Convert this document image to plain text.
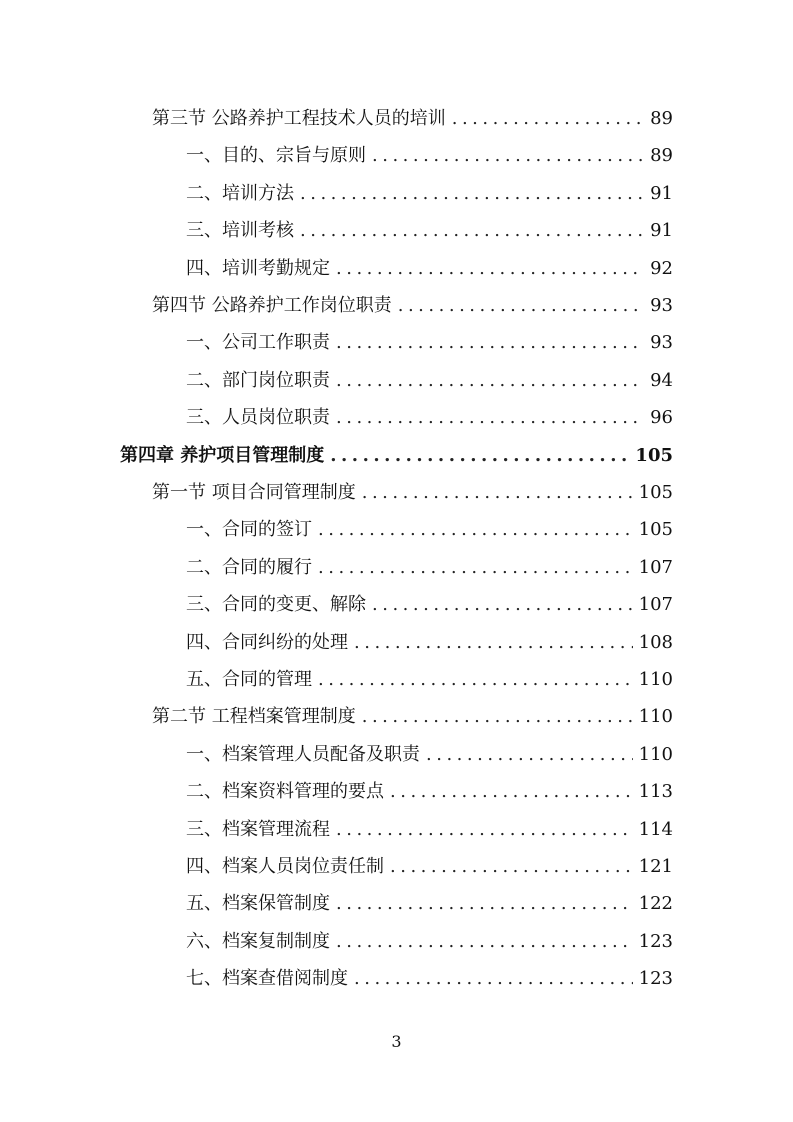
第三节 公路养护工程技术人员的培训 .....	89
一、目的、宗旨与原则 .....	89
二、培训方法 .....	91
三、培训考核 .....	91
四、培训考勤规定 .....	92
第四节 公路养护工作岗位职责 .....	93
一、公司工作职责 .....	93
二、部门岗位职责 .....	94
三、人员岗位职责 .....	96
第四章 养护项目管理制度 .....	105
第一节 项目合同管理制度 .....	105
一、合同的签订 .....	105
二、合同的履行 .....	107
三、合同的变更、解除 .....	107
四、合同纠纷的处理 .....	108
五、合同的管理 .....	110
第二节 工程档案管理制度 .....	110
一、档案管理人员配备及职责 .....	110
二、档案资料管理的要点 .....	113
三、档案管理流程 .....	114
四、档案人员岗位责任制 .....	121
五、档案保管制度 .....	122
六、档案复制制度 .....	123
七、档案查借阅制度 .....	123
3
